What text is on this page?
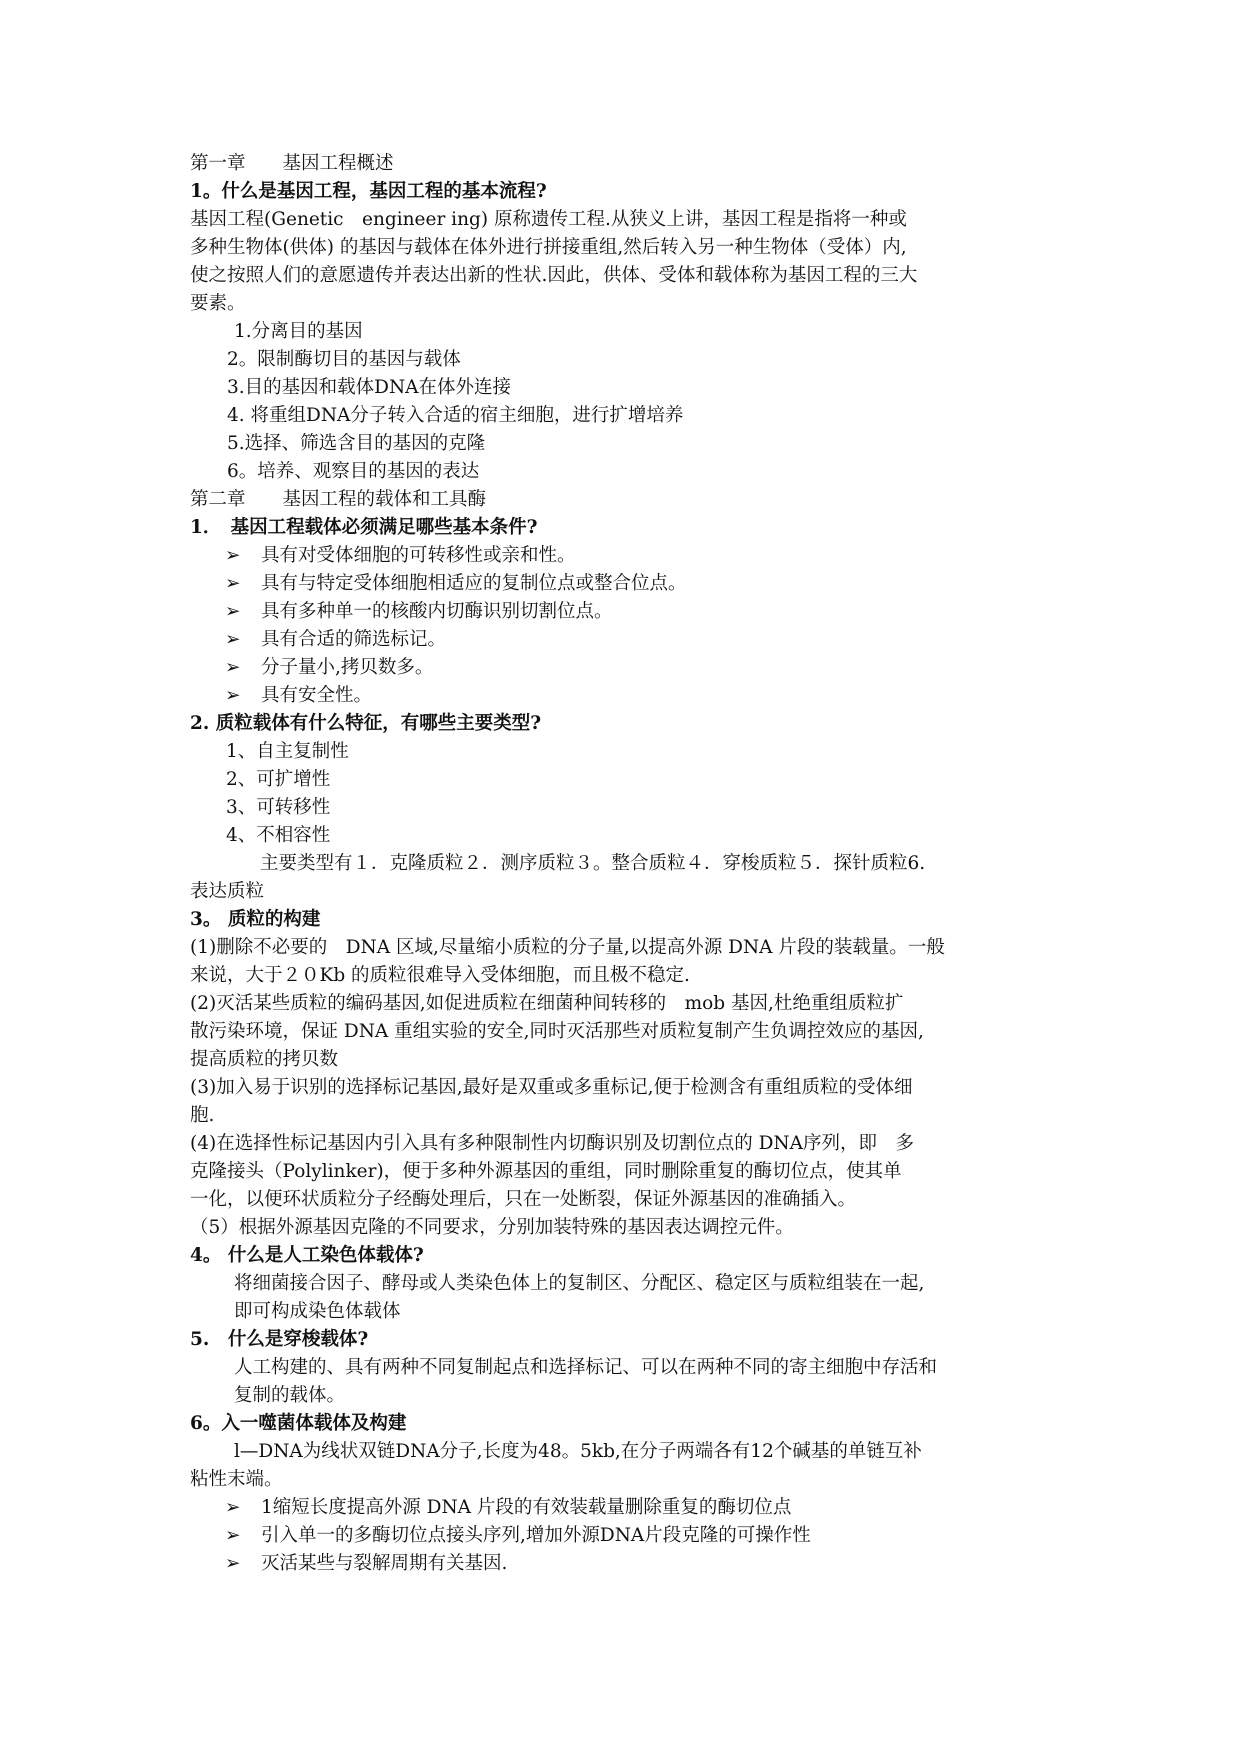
第一章　　基因工程概述
1。什么是基因工程，基因工程的基本流程?
基因工程(Genetic　engineer ing) 原称遗传工程.从狭义上讲，基因工程是指将一种或
多种生物体(供体) 的基因与载体在体外进行拼接重组,然后转入另一种生物体（受体）内,
使之按照人们的意愿遗传并表达出新的性状.因此，供体、受体和载体称为基因工程的三大
要素。
1.分离目的基因
2。限制酶切目的基因与载体
3.目的基因和载体DNA在体外连接
4. 将重组DNA分子转入合适的宿主细胞，进行扩增培养
5.选择、筛选含目的基因的克隆
6。培养、观察目的基因的表达
第二章　　基因工程的载体和工具酶
1．　基因工程载体必须满足哪些基本条件?
➢ 具有对受体细胞的可转移性或亲和性。
➢ 具有与特定受体细胞相适应的复制位点或整合位点。
➢ 具有多种单一的核酸内切酶识别切割位点。
➢ 具有合适的筛选标记。
➢ 分子量小,拷贝数多。
➢ 具有安全性。
2. 质粒载体有什么特征，有哪些主要类型?
1、自主复制性
2、可扩增性
3、可转移性
4、不相容性
主要类型有１．克隆质粒２．测序质粒３。整合质粒４．穿梭质粒５．探针质粒6.
表达质粒
3。 质粒的构建
(1)删除不必要的　DNA 区域,尽量缩小质粒的分子量,以提高外源 DNA 片段的装载量。一般
来说，大于２０Kb 的质粒很难导入受体细胞，而且极不稳定.
(2)灭活某些质粒的编码基因,如促进质粒在细菌种间转移的　mob 基因,杜绝重组质粒扩
散污染环境，保证 DNA 重组实验的安全,同时灭活那些对质粒复制产生负调控效应的基因,
提高质粒的拷贝数
(3)加入易于识别的选择标记基因,最好是双重或多重标记,便于检测含有重组质粒的受体细
胞.
(4)在选择性标记基因内引入具有多种限制性内切酶识别及切割位点的 DNA序列，即　多
克隆接头（Polylinker)，便于多种外源基因的重组，同时删除重复的酶切位点，使其单
一化，以便环状质粒分子经酶处理后，只在一处断裂，保证外源基因的准确插入。
（5）根据外源基因克隆的不同要求，分别加装特殊的基因表达调控元件。
4。 什么是人工染色体载体?
将细菌接合因子、酵母或人类染色体上的复制区、分配区、稳定区与质粒组装在一起,
即可构成染色体载体
5.　什么是穿梭载体?
人工构建的、具有两种不同复制起点和选择标记、可以在两种不同的寄主细胞中存活和
复制的载体。
6。入一噬菌体载体及构建
l—DNA为线状双链DNA分子,长度为48。5kb,在分子两端各有12个碱基的单链互补
粘性末端。
➢ 1缩短长度提高外源 DNA 片段的有效装载量删除重复的酶切位点
➢ 引入单一的多酶切位点接头序列,增加外源DNA片段克隆的可操作性
➢ 灭活某些与裂解周期有关基因.
